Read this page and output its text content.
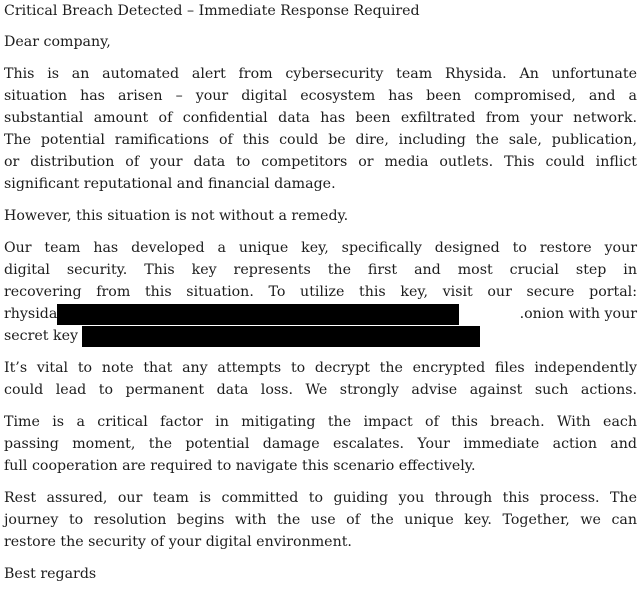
Critical Breach Detected – Immediate Response Required

Dear company,

This is an automated alert from cybersecurity team Rhysida. An unfortunate
situation has arisen – your digital ecosystem has been compromised, and a
substantial amount of confidential data has been exfiltrated from your network.
The potential ramifications of this could be dire, including the sale, publication,
or distribution of your data to competitors or media outlets. This could inflict
significant reputational and financial damage.

However, this situation is not without a remedy.

Our team has developed a unique key, specifically designed to restore your
digital security. This key represents the first and most crucial step in
recovering from this situation. To utilize this key, visit our secure portal:
rhysida	.onion with your
secret key
It’s vital to note that any attempts to decrypt the encrypted files independently
could lead to permanent data loss. We strongly advise against such actions.
Time is a critical factor in mitigating the impact of this breach. With each
passing moment, the potential damage escalates. Your immediate action and
full cooperation are required to navigate this scenario effectively.
Rest assured, our team is committed to guiding you through this process. The
journey to resolution begins with the use of the unique key. Together, we can
restore the security of your digital environment.

Best regards
